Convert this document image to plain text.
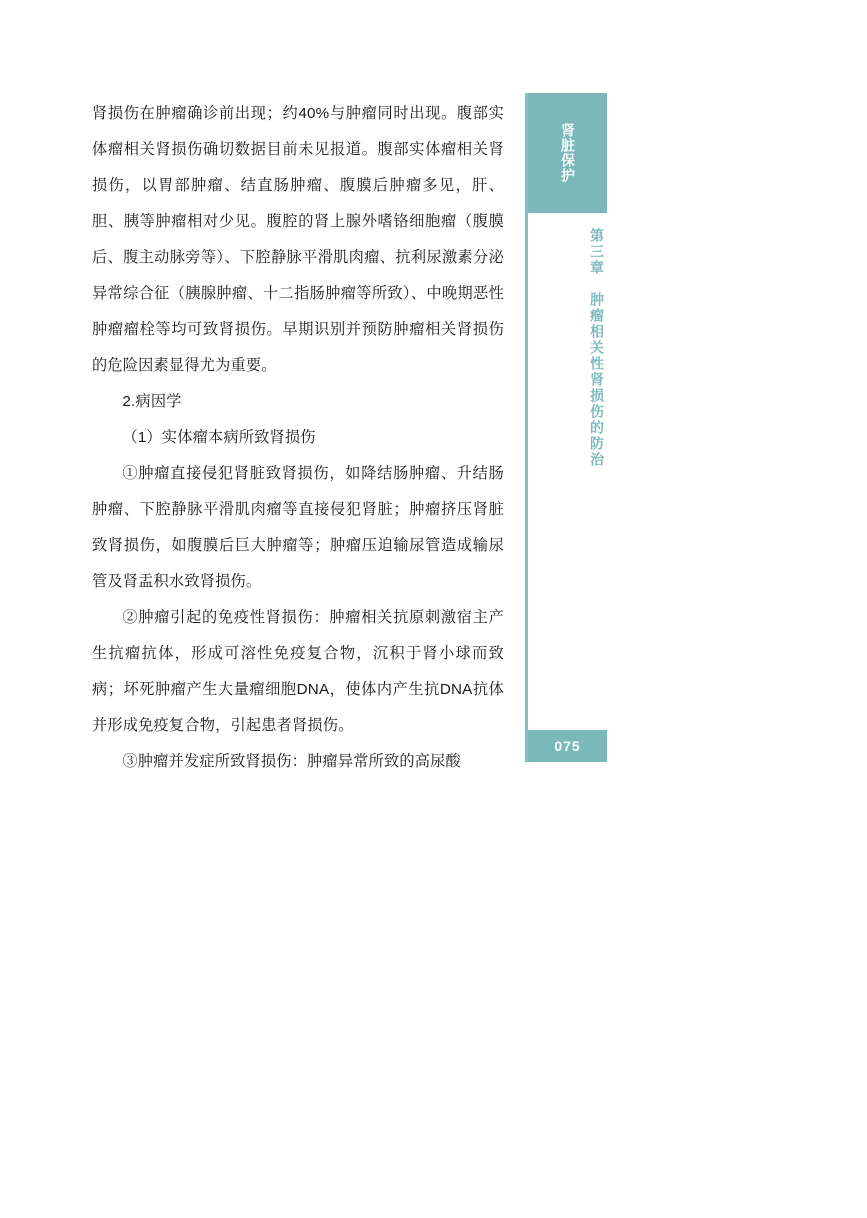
肾脏保护
第三章　肿瘤相关性肾损伤的防治
075

肾损伤在肿瘤确诊前出现；约40%与肿瘤同时出现。腹部实体瘤相关肾损伤确切数据目前未见报道。腹部实体瘤相关肾损伤，以胃部肿瘤、结直肠肿瘤、腹膜后肿瘤多见，肝、胆、胰等肿瘤相对少见。腹腔的肾上腺外嗜铬细胞瘤（腹膜后、腹主动脉旁等）、下腔静脉平滑肌肉瘤、抗利尿激素分泌异常综合征（胰腺肿瘤、十二指肠肿瘤等所致）、中晚期恶性肿瘤瘤栓等均可致肾损伤。早期识别并预防肿瘤相关肾损伤的危险因素显得尤为重要。

2.病因学

（1）实体瘤本病所致肾损伤

①肿瘤直接侵犯肾脏致肾损伤，如降结肠肿瘤、升结肠肿瘤、下腔静脉平滑肌肉瘤等直接侵犯肾脏；肿瘤挤压肾脏致肾损伤，如腹膜后巨大肿瘤等；肿瘤压迫输尿管造成输尿管及肾盂积水致肾损伤。

②肿瘤引起的免疫性肾损伤：肿瘤相关抗原刺激宿主产生抗瘤抗体，形成可溶性免疫复合物，沉积于肾小球而致病；坏死肿瘤产生大量瘤细胞DNA，使体内产生抗DNA抗体并形成免疫复合物，引起患者肾损伤。

③肿瘤并发症所致肾损伤：肿瘤异常所致的高尿酸
